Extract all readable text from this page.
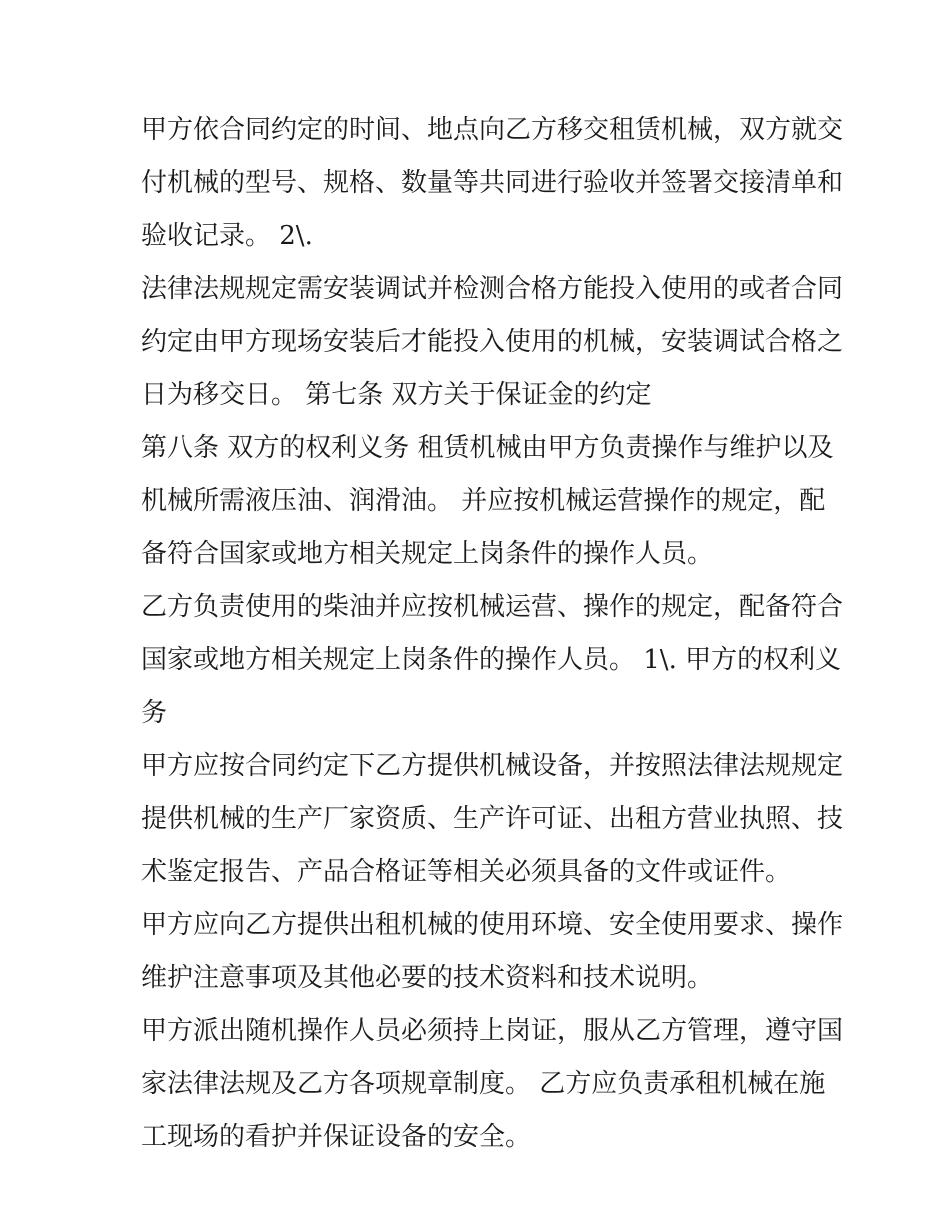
甲方依合同约定的时间、地点向乙方移交租赁机械，双方就交
付机械的型号、规格、数量等共同进行验收并签署交接清单和
验收记录。 2\.
法律法规规定需安装调试并检测合格方能投入使用的或者合同
约定由甲方现场安装后才能投入使用的机械，安装调试合格之
日为移交日。 第七条 双方关于保证金的约定
第八条 双方的权利义务 租赁机械由甲方负责操作与维护以及
机械所需液压油、润滑油。 并应按机械运营操作的规定，配
备符合国家或地方相关规定上岗条件的操作人员。
乙方负责使用的柴油并应按机械运营、操作的规定，配备符合
国家或地方相关规定上岗条件的操作人员。 1\. 甲方的权利义
务
甲方应按合同约定下乙方提供机械设备，并按照法律法规规定
提供机械的生产厂家资质、生产许可证、出租方营业执照、技
术鉴定报告、产品合格证等相关必须具备的文件或证件。
甲方应向乙方提供出租机械的使用环境、安全使用要求、操作
维护注意事项及其他必要的技术资料和技术说明。
甲方派出随机操作人员必须持上岗证，服从乙方管理，遵守国
家法律法规及乙方各项规章制度。 乙方应负责承租机械在施
工现场的看护并保证设备的安全。
